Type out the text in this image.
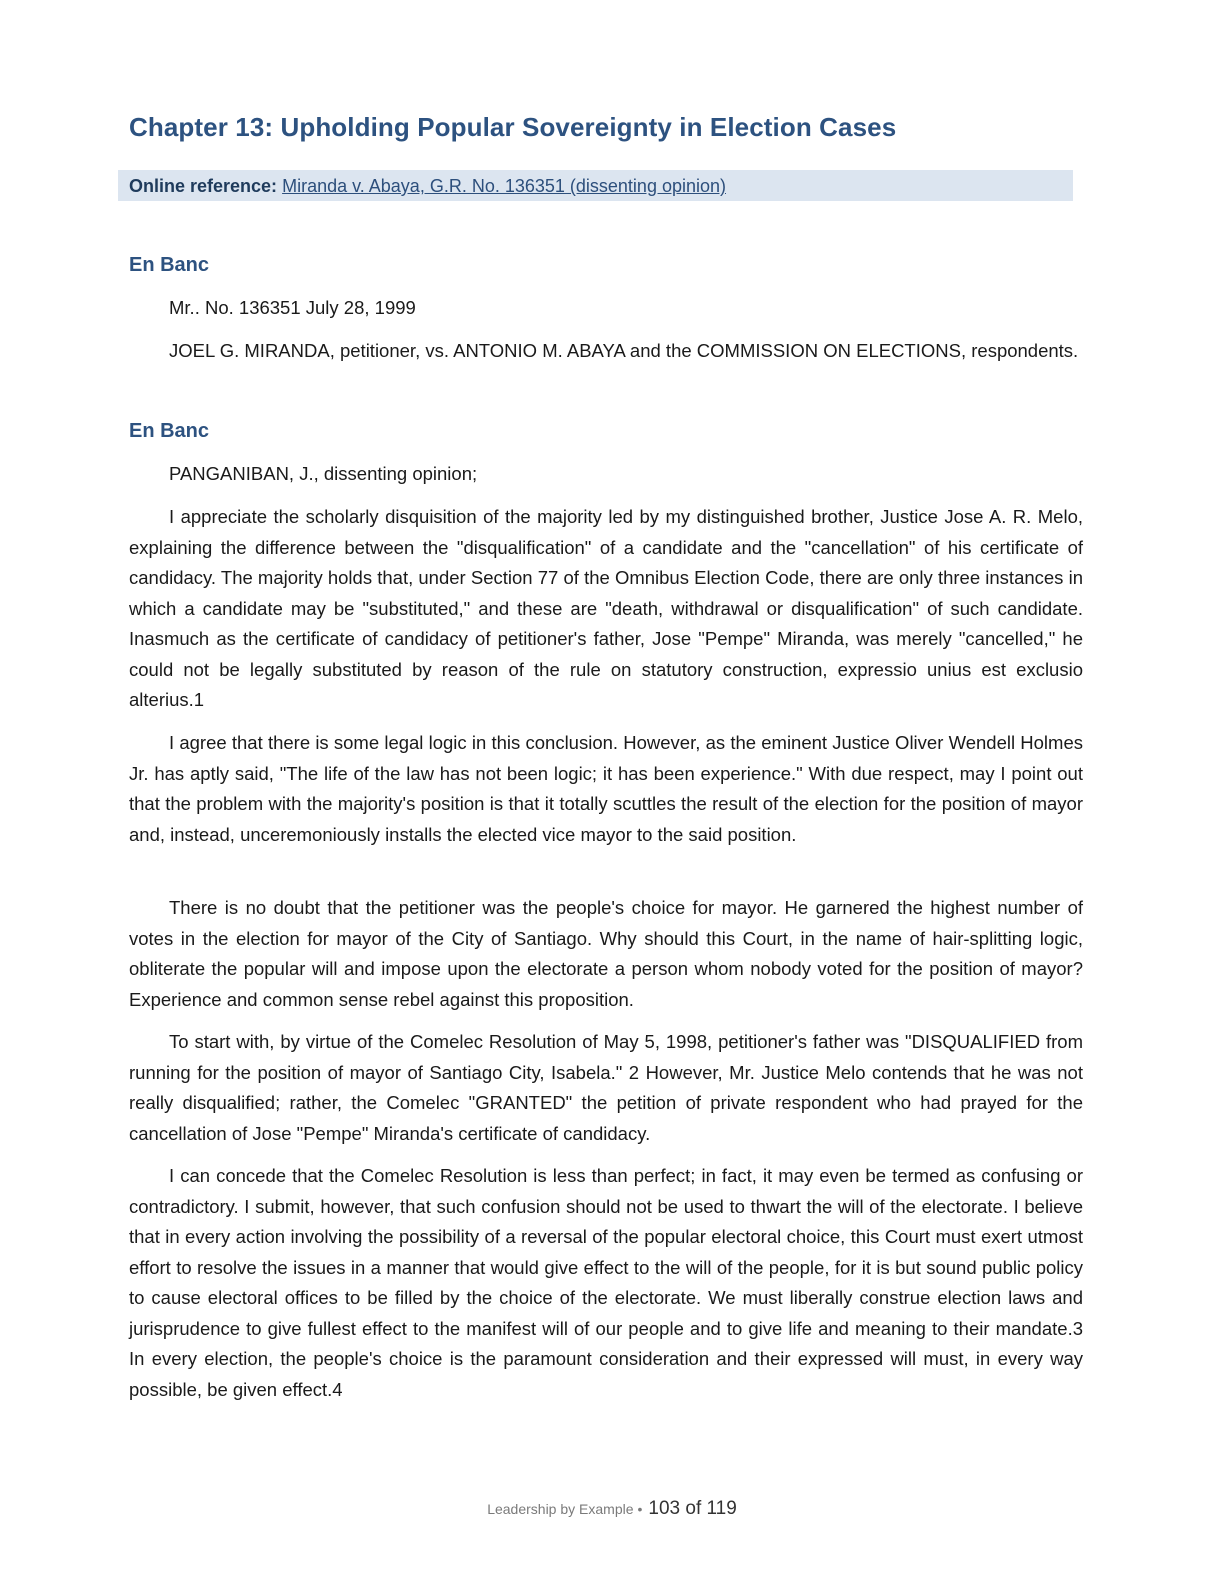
Chapter 13: Upholding Popular Sovereignty in Election Cases
Online reference: Miranda v. Abaya, G.R. No. 136351 (dissenting opinion)
En Banc

Mr.. No. 136351 July 28, 1999

JOEL G. MIRANDA, petitioner, vs. ANTONIO M. ABAYA and the COMMISSION ON ELECTIONS, respondents.

En Banc

PANGANIBAN, J., dissenting opinion;

I appreciate the scholarly disquisition of the majority led by my distinguished brother, Justice Jose A. R. Melo, explaining the difference between the "disqualification" of a candidate and the "cancellation" of his certificate of candidacy. The majority holds that, under Section 77 of the Omnibus Election Code, there are only three instances in which a candidate may be "substituted," and these are "death, withdrawal or disqualification" of such candidate. Inasmuch as the certificate of candidacy of petitioner's father, Jose "Pempe" Miranda, was merely "cancelled," he could not be legally substituted by reason of the rule on statutory construction, expressio unius est exclusio alterius.1

I agree that there is some legal logic in this conclusion. However, as the eminent Justice Oliver Wendell Holmes Jr. has aptly said, "The life of the law has not been logic; it has been experience." With due respect, may I point out that the problem with the majority's position is that it totally scuttles the result of the election for the position of mayor and, instead, unceremoniously installs the elected vice mayor to the said position.

There is no doubt that the petitioner was the people's choice for mayor. He garnered the highest number of votes in the election for mayor of the City of Santiago. Why should this Court, in the name of hair-splitting logic, obliterate the popular will and impose upon the electorate a person whom nobody voted for the position of mayor? Experience and common sense rebel against this proposition.

To start with, by virtue of the Comelec Resolution of May 5, 1998, petitioner's father was "DISQUALIFIED from running for the position of mayor of Santiago City, Isabela." 2 However, Mr. Justice Melo contends that he was not really disqualified; rather, the Comelec "GRANTED" the petition of private respondent who had prayed for the cancellation of Jose "Pempe" Miranda's certificate of candidacy.

I can concede that the Comelec Resolution is less than perfect; in fact, it may even be termed as confusing or contradictory. I submit, however, that such confusion should not be used to thwart the will of the electorate. I believe that in every action involving the possibility of a reversal of the popular electoral choice, this Court must exert utmost effort to resolve the issues in a manner that would give effect to the will of the people, for it is but sound public policy to cause electoral offices to be filled by the choice of the electorate. We must liberally construe election laws and jurisprudence to give fullest effect to the manifest will of our people and to give life and meaning to their mandate.3 In every election, the people's choice is the paramount consideration and their expressed will must, in every way possible, be given effect.4

Leadership by Example • 103 of 119
